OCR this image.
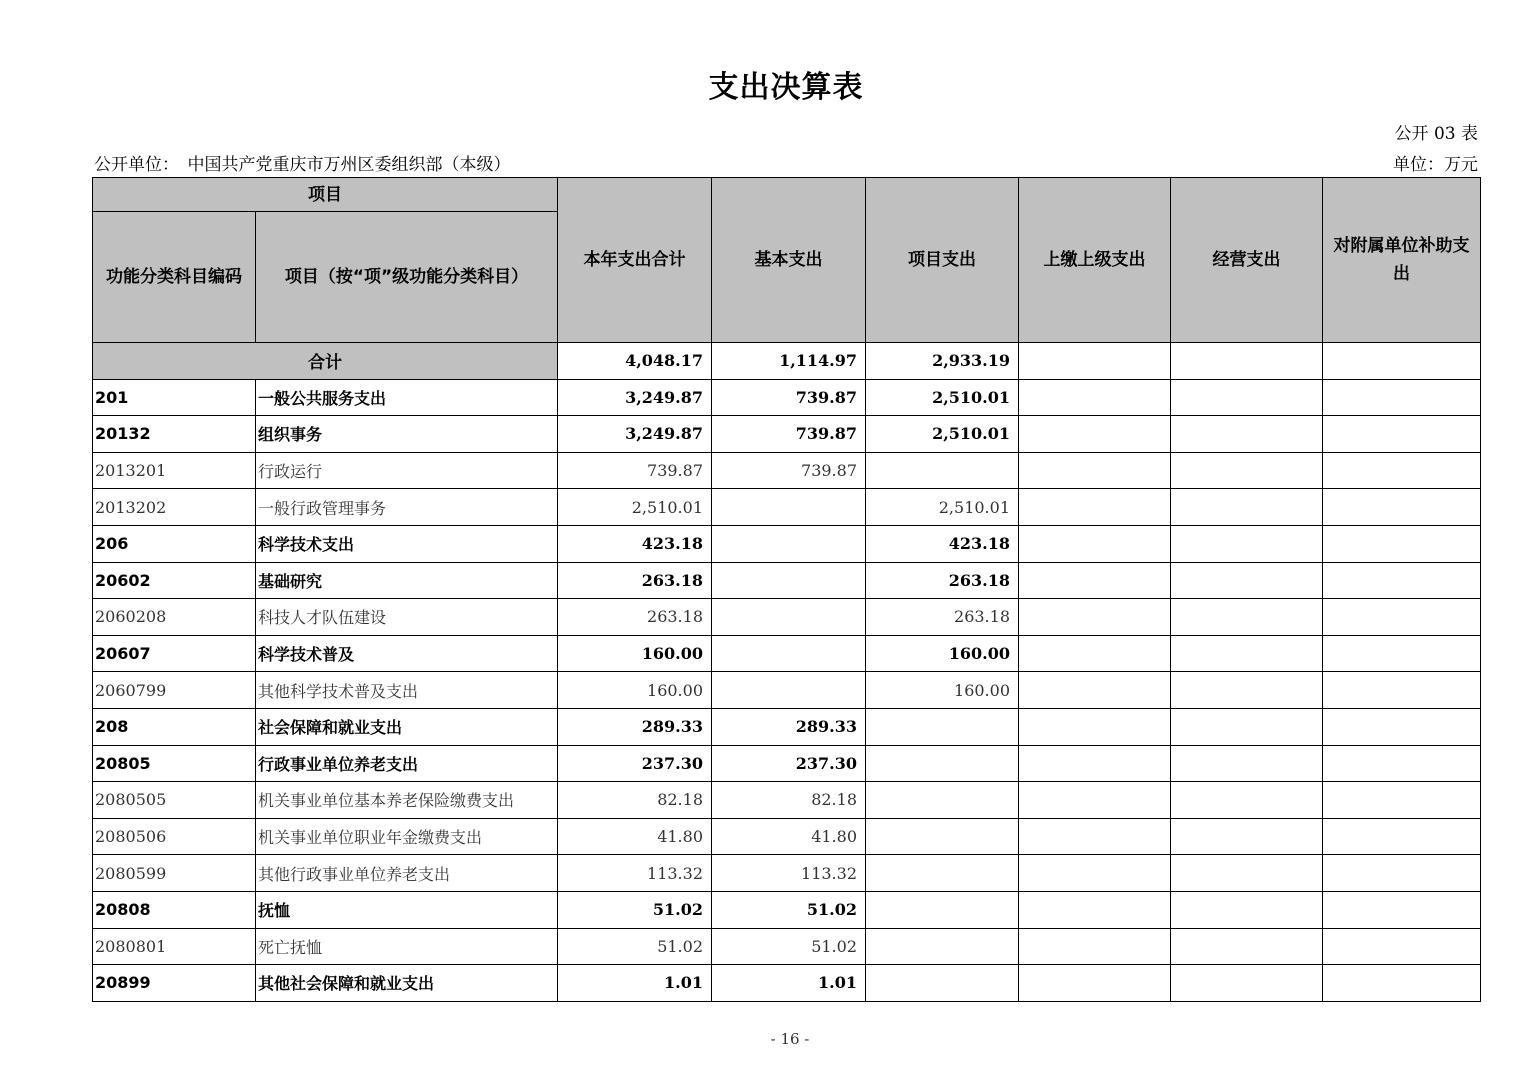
支出决算表
公开 03 表
公开单位：　中国共产党重庆市万州区委组织部（本级）	单位：万元
项目		本年支出合计	基本支出	项目支出	上缴上级支出	经营支出	对附属单位补助支出
功能分类科目编码	项目（按“项”级功能分类科目）						
合计		4,048.17	1,114.97	2,933.19			
201	一般公共服务支出	3,249.87	739.87	2,510.01			
20132	组织事务	3,249.87	739.87	2,510.01			
2013201	行政运行	739.87	739.87				
2013202	一般行政管理事务	2,510.01		2,510.01			
206	科学技术支出	423.18		423.18			
20602	基础研究	263.18		263.18			
2060208	科技人才队伍建设	263.18		263.18			
20607	科学技术普及	160.00		160.00			
2060799	其他科学技术普及支出	160.00		160.00			
208	社会保障和就业支出	289.33	289.33				
20805	行政事业单位养老支出	237.30	237.30				
2080505	机关事业单位基本养老保险缴费支出	82.18	82.18				
2080506	机关事业单位职业年金缴费支出	41.80	41.80				
2080599	其他行政事业单位养老支出	113.32	113.32				
20808	抚恤	51.02	51.02				
2080801	死亡抚恤	51.02	51.02				
20899	其他社会保障和就业支出	1.01	1.01				
- 16 -
